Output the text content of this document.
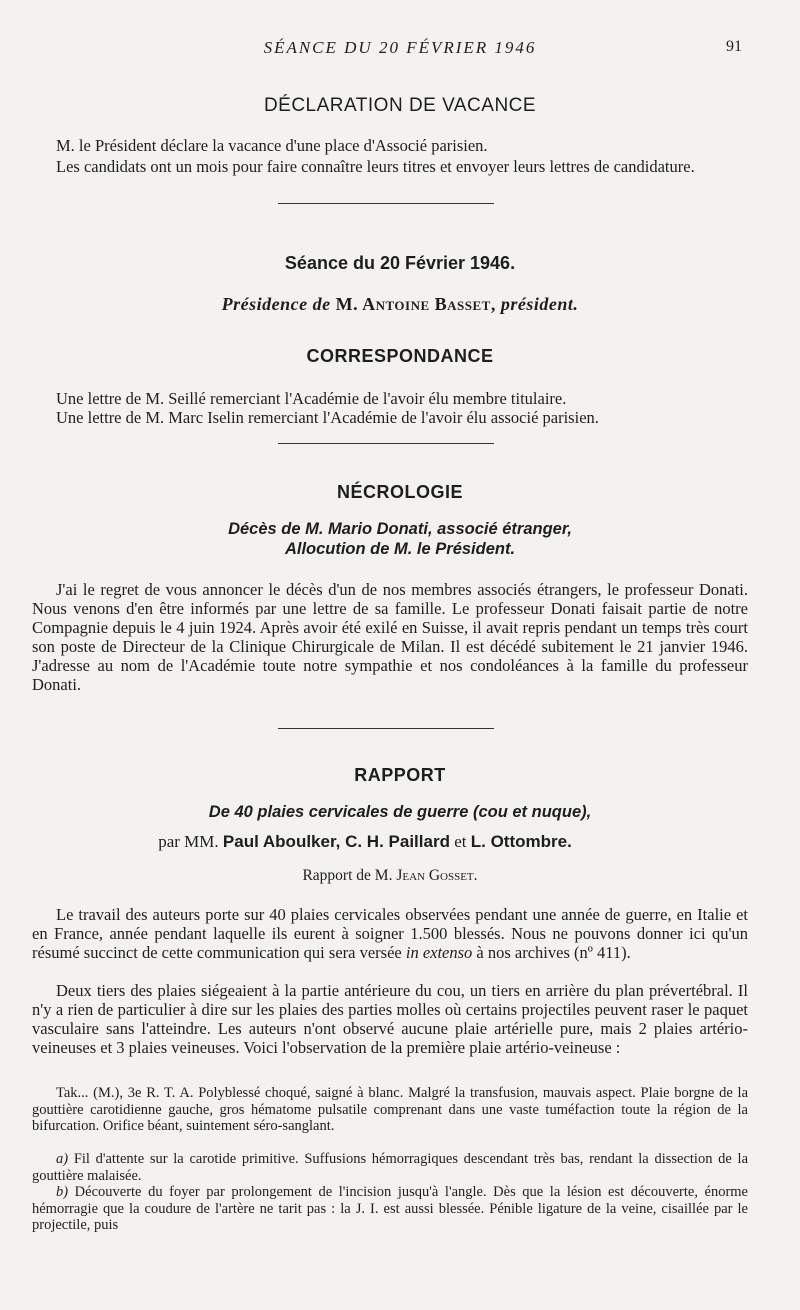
SÉANCE DU 20 FÉVRIER 1946	91
DÉCLARATION DE VACANCE

M. le Président déclare la vacance d'une place d'Associé parisien.

Les candidats ont un mois pour faire connaître leurs titres et envoyer leurs lettres de candidature.

Séance du 20 Février 1946.
Présidence de M. Antoine Basset, président.
CORRESPONDANCE

Une lettre de M. Seillé remerciant l'Académie de l'avoir élu membre titulaire.

Une lettre de M. Marc Iselin remerciant l'Académie de l'avoir élu associé parisien.

NÉCROLOGIE
Décès de M. Mario Donati, associé étranger,
Allocution de M. le Président.

J'ai le regret de vous annoncer le décès d'un de nos membres associés étrangers, le professeur Donati. Nous venons d'en être informés par une lettre de sa famille. Le professeur Donati faisait partie de notre Compagnie depuis le 4 juin 1924. Après avoir été exilé en Suisse, il avait repris pendant un temps très court son poste de Directeur de la Clinique Chirurgicale de Milan. Il est décédé subitement le 21 janvier 1946. J'adresse au nom de l'Académie toute notre sympathie et nos condoléances à la famille du professeur Donati.

RAPPORT
De 40 plaies cervicales de guerre (cou et nuque),
par MM. Paul Aboulker, C. H. Paillard et L. Ottombre.
Rapport de M. Jean Gosset.

Le travail des auteurs porte sur 40 plaies cervicales observées pendant une année de guerre, en Italie et en France, année pendant laquelle ils eurent à soigner 1.500 blessés. Nous ne pouvons donner ici qu'un résumé succinct de cette communication qui sera versée in extenso à nos archives (nº 411).

Deux tiers des plaies siégeaient à la partie antérieure du cou, un tiers en arrière du plan prévertébral. Il n'y a rien de particulier à dire sur les plaies des parties molles où certains projectiles peuvent raser le paquet vasculaire sans l'atteindre. Les auteurs n'ont observé aucune plaie artérielle pure, mais 2 plaies artério-veineuses et 3 plaies veineuses. Voici l'observation de la première plaie artério-veineuse :

Tak... (M.), 3e R. T. A. Polyblessé choqué, saigné à blanc. Malgré la transfusion, mauvais aspect. Plaie borgne de la gouttière carotidienne gauche, gros hématome pulsatile comprenant dans une vaste tuméfaction toute la région de la bifurcation. Orifice béant, suintement séro-sanglant.

a) Fil d'attente sur la carotide primitive. Suffusions hémorragiques descendant très bas, rendant la dissection de la gouttière malaisée.

b) Découverte du foyer par prolongement de l'incision jusqu'à l'angle. Dès que la lésion est découverte, énorme hémorragie que la coudure de l'artère ne tarit pas : la J. I. est aussi blessée. Pénible ligature de la veine, cisaillée par le projectile, puis
